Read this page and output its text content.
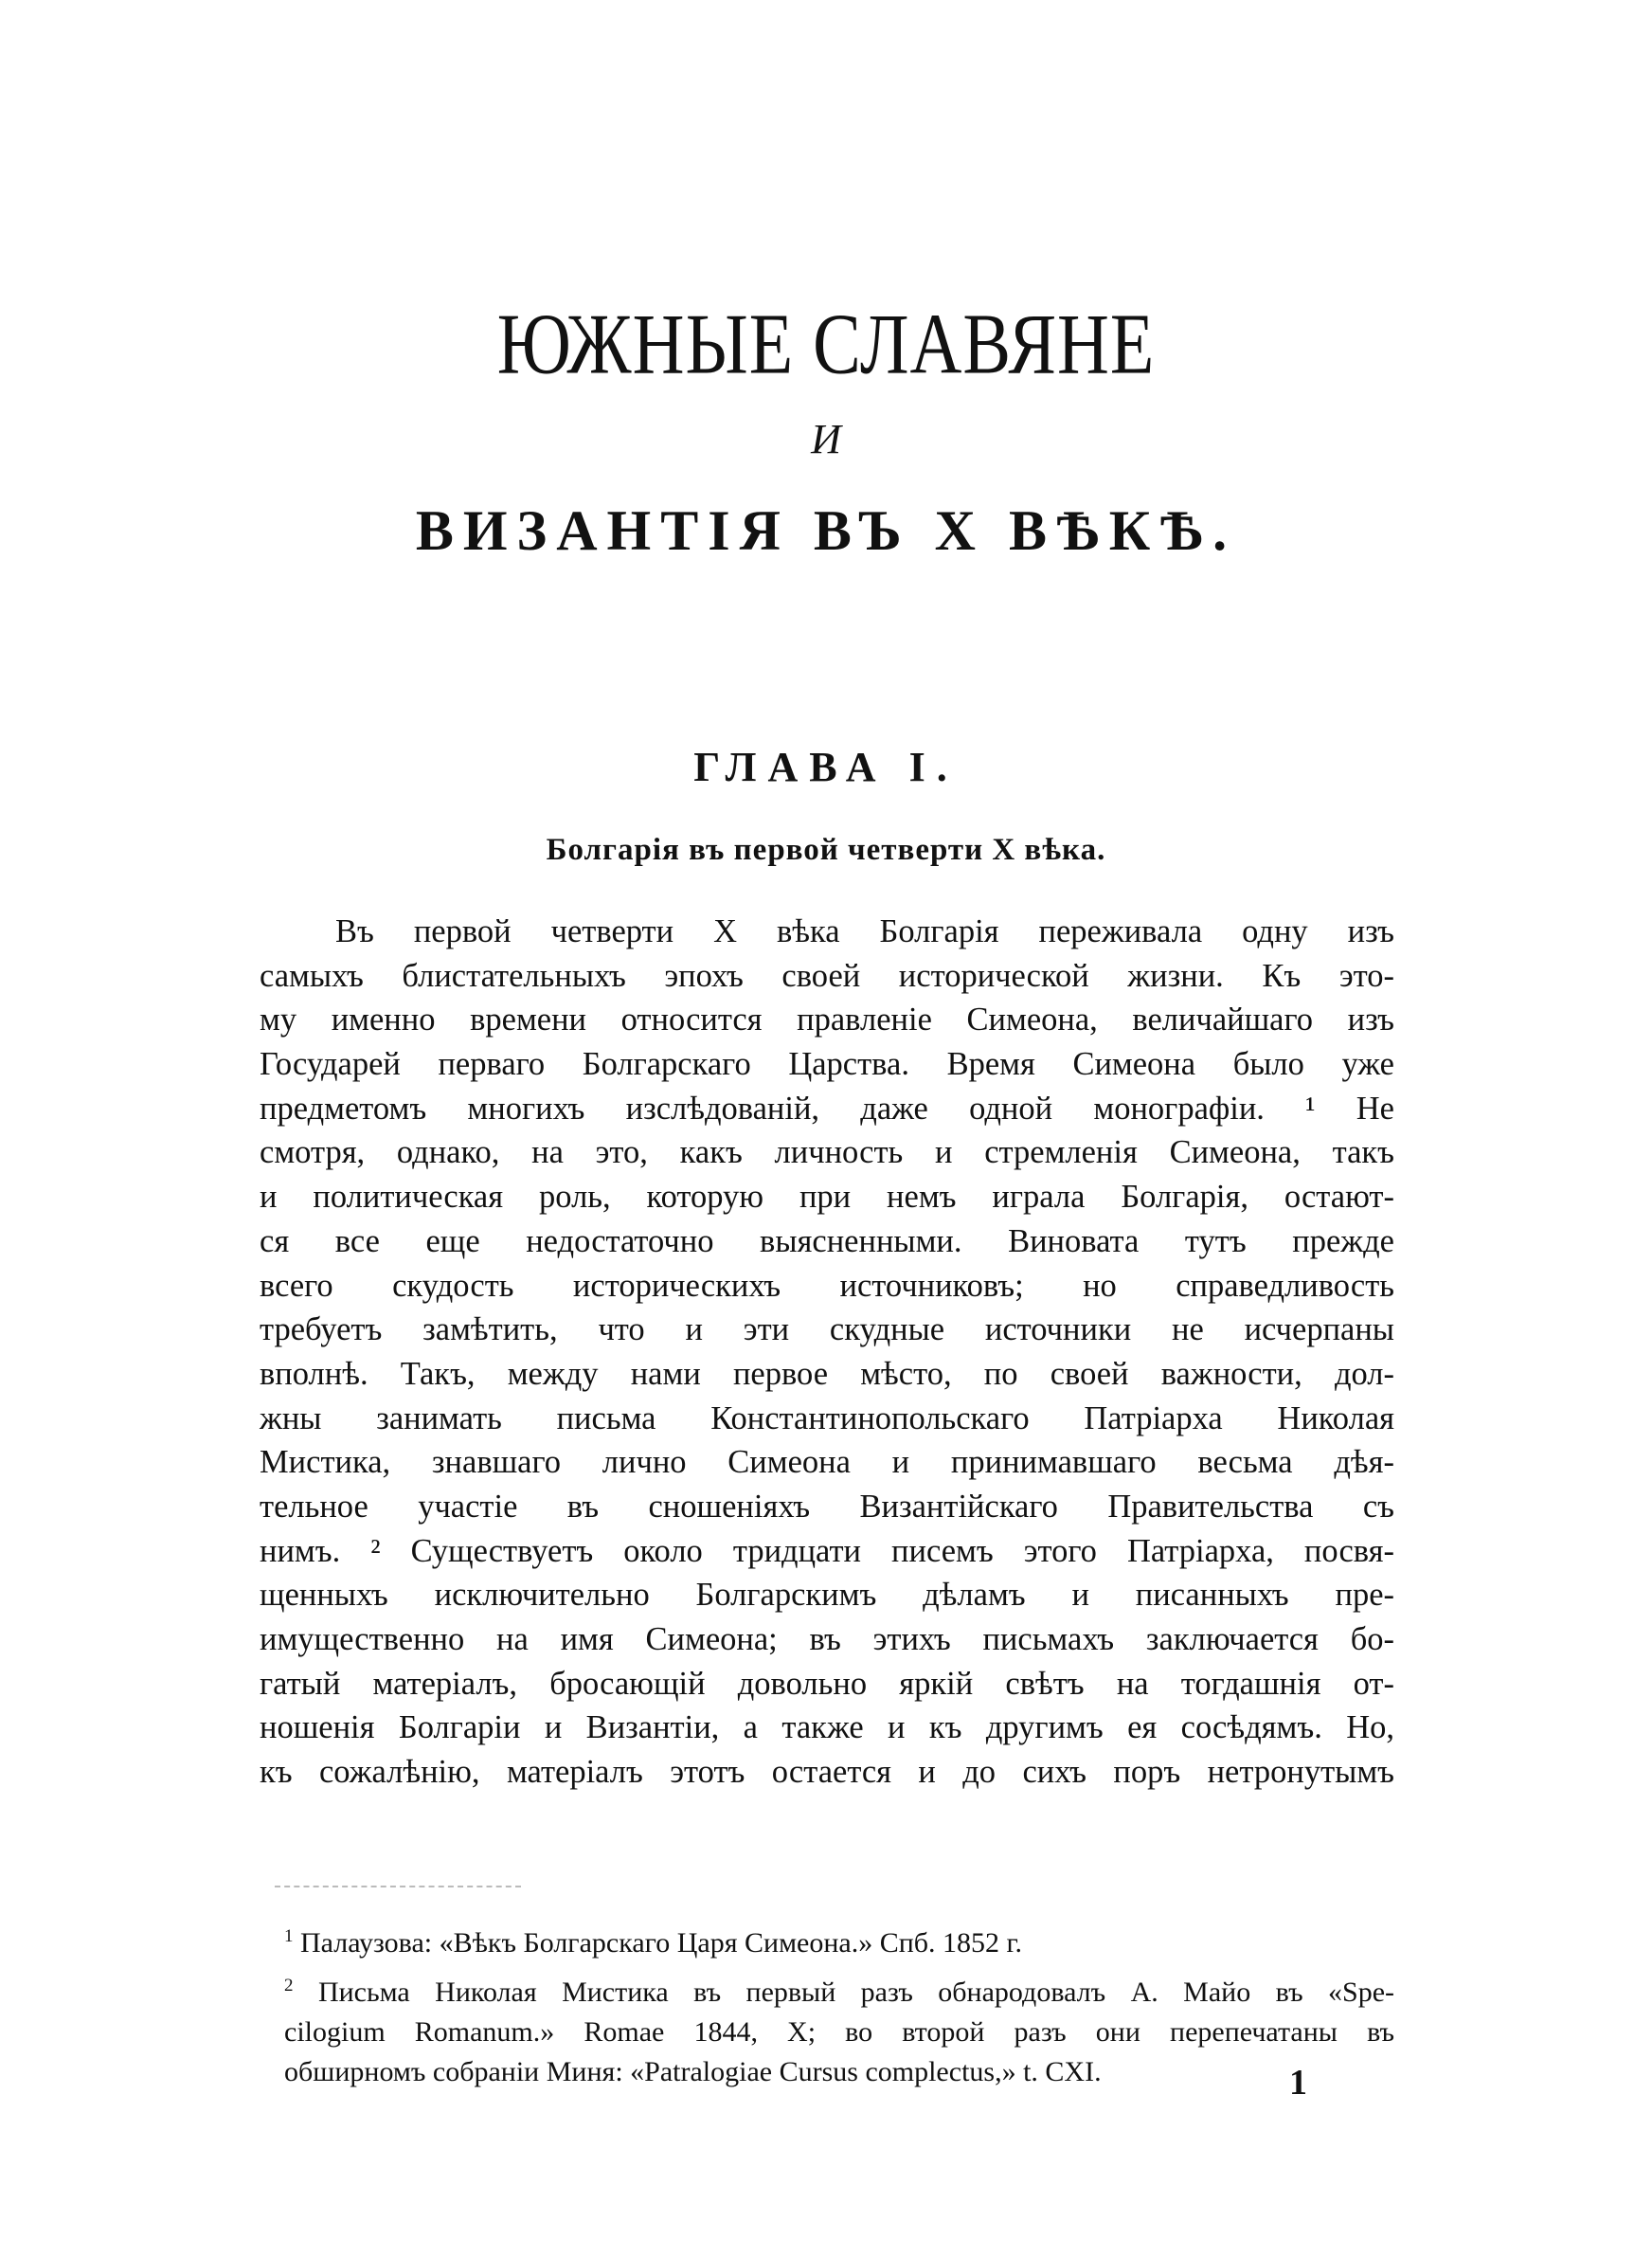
ЮЖНЫЕ СЛАВЯНЕ
И
ВИЗАНТІЯ ВЪ X ВѢКѢ.
ГЛАВА I.
Болгарія въ первой четверти X вѣка.
Въ первой четверти X вѣка Болгарія переживала одну изъ
самыхъ блистательныхъ эпохъ своей исторической жизни. Къ это-
му именно времени относится правленіе Симеона, величайшаго изъ
Государей перваго Болгарскаго Царства. Время Симеона было уже
предметомъ многихъ изслѣдованій, даже одной монографіи. ¹ Не
смотря, однако, на это, какъ личность и стремленія Симеона, такъ
и политическая роль, которую при немъ играла Болгарія, остают-
ся все еще недостаточно выясненными. Виновата тутъ прежде
всего скудость историческихъ источниковъ; но справедливость
требуетъ замѣтить, что и эти скудные источники не исчерпаны
вполнѣ. Такъ, между нами первое мѣсто, по своей важности, дол-
жны занимать письма Константинопольскаго Патріарха Николая
Мистика, знавшаго лично Симеона и принимавшаго весьма дѣя-
тельное участіе въ сношеніяхъ Византійскаго Правительства съ
нимъ. ² Существуетъ около тридцати писемъ этого Патріарха, посвя-
щенныхъ исключительно Болгарскимъ дѣламъ и писанныхъ пре-
имущественно на имя Симеона; въ этихъ письмахъ заключается бо-
гатый матеріалъ, бросающій довольно яркій свѣтъ на тогдашнія от-
ношенія Болгаріи и Византіи, а также и къ другимъ ея сосѣдямъ. Но,
къ сожалѣнію, матеріалъ этотъ остается и до сихъ поръ нетронутымъ
$^1$ Палаузова: «Вѣкъ Болгарскаго Царя Симеона.» Спб. 1852 г.
$^2$ Письма Николая Мистика въ первый разъ обнародовалъ А. Майо въ «Spe-
cilogium Romanum.» Romae 1844, X; во второй разъ они перепечатаны въ
обширномъ собраніи Миня: «Patralogiae Cursus complectus,» t. CXI.	1
